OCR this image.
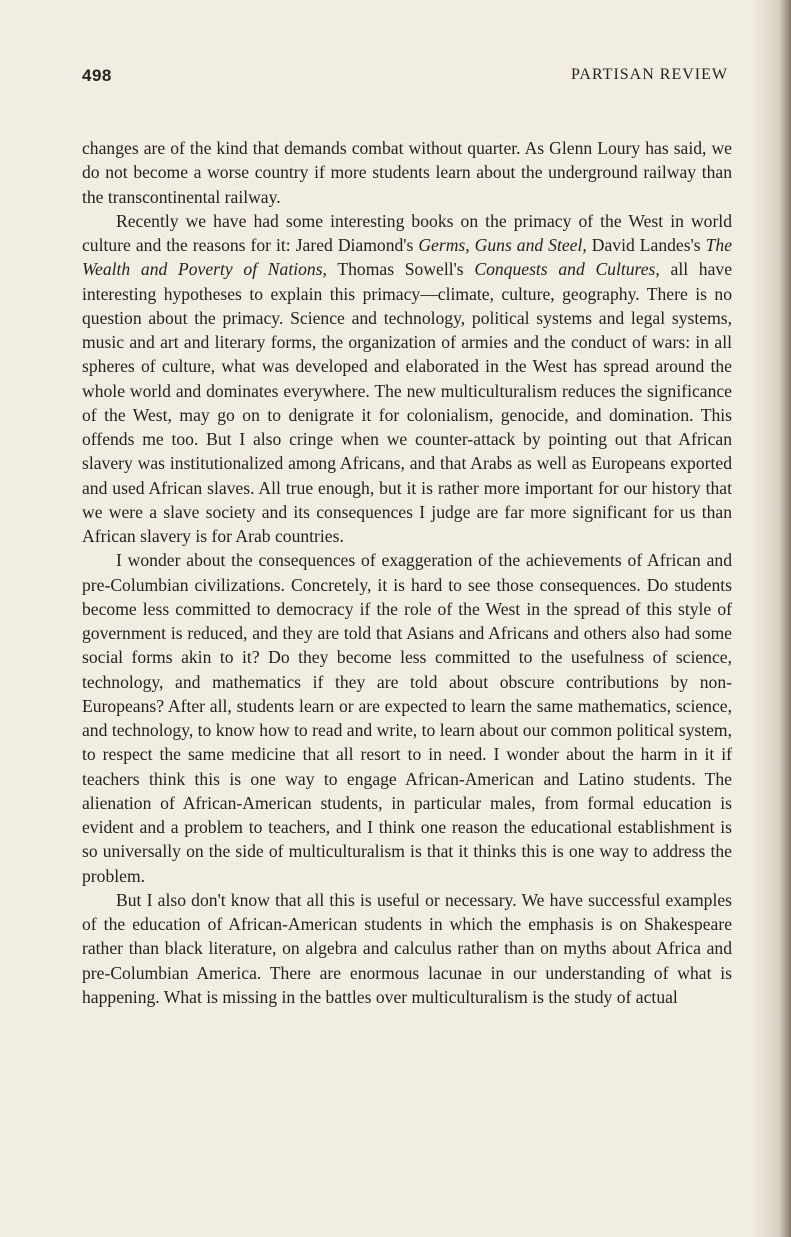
498	PARTISAN REVIEW

changes are of the kind that demands combat without quarter. As Glenn Loury has said, we do not become a worse country if more students learn about the underground railway than the transcontinental railway.

Recently we have had some interesting books on the primacy of the West in world culture and the reasons for it: Jared Diamond's Germs, Guns and Steel, David Landes's The Wealth and Poverty of Nations, Thomas Sowell's Conquests and Cultures, all have interesting hypotheses to explain this primacy—climate, culture, geography. There is no question about the primacy. Science and technology, political systems and legal systems, music and art and literary forms, the organization of armies and the conduct of wars: in all spheres of culture, what was developed and elaborated in the West has spread around the whole world and dominates everywhere. The new multiculturalism reduces the significance of the West, may go on to denigrate it for colonialism, genocide, and domination. This offends me too. But I also cringe when we counter-attack by pointing out that African slavery was institutionalized among Africans, and that Arabs as well as Europeans exported and used African slaves. All true enough, but it is rather more important for our history that we were a slave society and its consequences I judge are far more significant for us than African slavery is for Arab countries.

I wonder about the consequences of exaggeration of the achievements of African and pre-Columbian civilizations. Concretely, it is hard to see those consequences. Do students become less committed to democracy if the role of the West in the spread of this style of government is reduced, and they are told that Asians and Africans and others also had some social forms akin to it? Do they become less committed to the usefulness of science, technology, and mathematics if they are told about obscure contributions by non-Europeans? After all, students learn or are expected to learn the same mathematics, science, and technology, to know how to read and write, to learn about our common political system, to respect the same medicine that all resort to in need. I wonder about the harm in it if teachers think this is one way to engage African-American and Latino students. The alienation of African-American students, in particular males, from formal education is evident and a problem to teachers, and I think one reason the educational establishment is so universally on the side of multiculturalism is that it thinks this is one way to address the problem.

But I also don't know that all this is useful or necessary. We have successful examples of the education of African-American students in which the emphasis is on Shakespeare rather than black literature, on algebra and calculus rather than on myths about Africa and pre-Columbian America. There are enormous lacunae in our understanding of what is happening. What is missing in the battles over multiculturalism is the study of actual
